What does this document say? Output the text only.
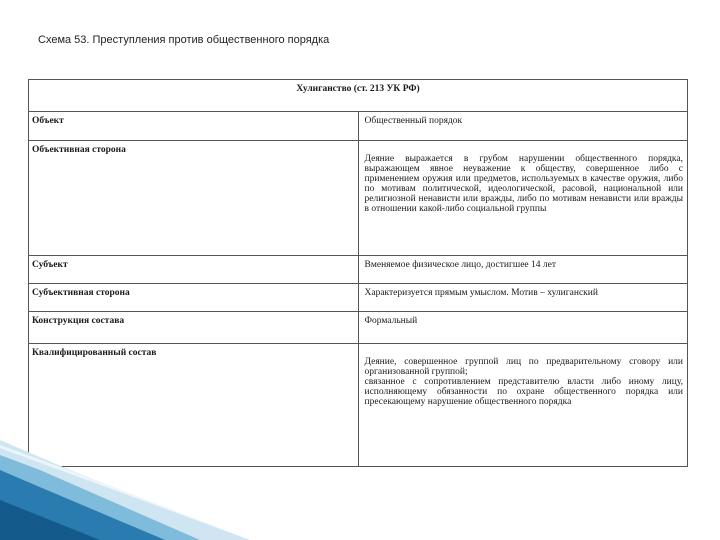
Схема 53. Преступления против общественного порядка
Хулиганство (ст. 213 УК РФ)	
Объект	Общественный порядок
Объективная сторона	Деяние выражается в грубом нарушении общественного порядка, выражающем явное неуважение к обществу, совершенное либо с применением оружия или предметов, используемых в качестве оружия, либо по мотивам политической, идеологической, расовой, национальной или религиозной ненависти или вражды, либо по мотивам ненависти или вражды в отношении какой-либо социальной группы
Субъект	Вменяемое физическое лицо, достигшее 14 лет
Субъективная сторона	Характеризуется прямым умыслом. Мотив – хулиганский
Конструкция состава	Формальный
Квалифицированный состав	Деяние, совершенное группой лиц по предварительному сговору или организованной группой;
связанное с сопротивлением представителю власти либо иному лицу, исполняющему обязанности по охране общественного порядка или пресекающему нарушение общественного порядка
